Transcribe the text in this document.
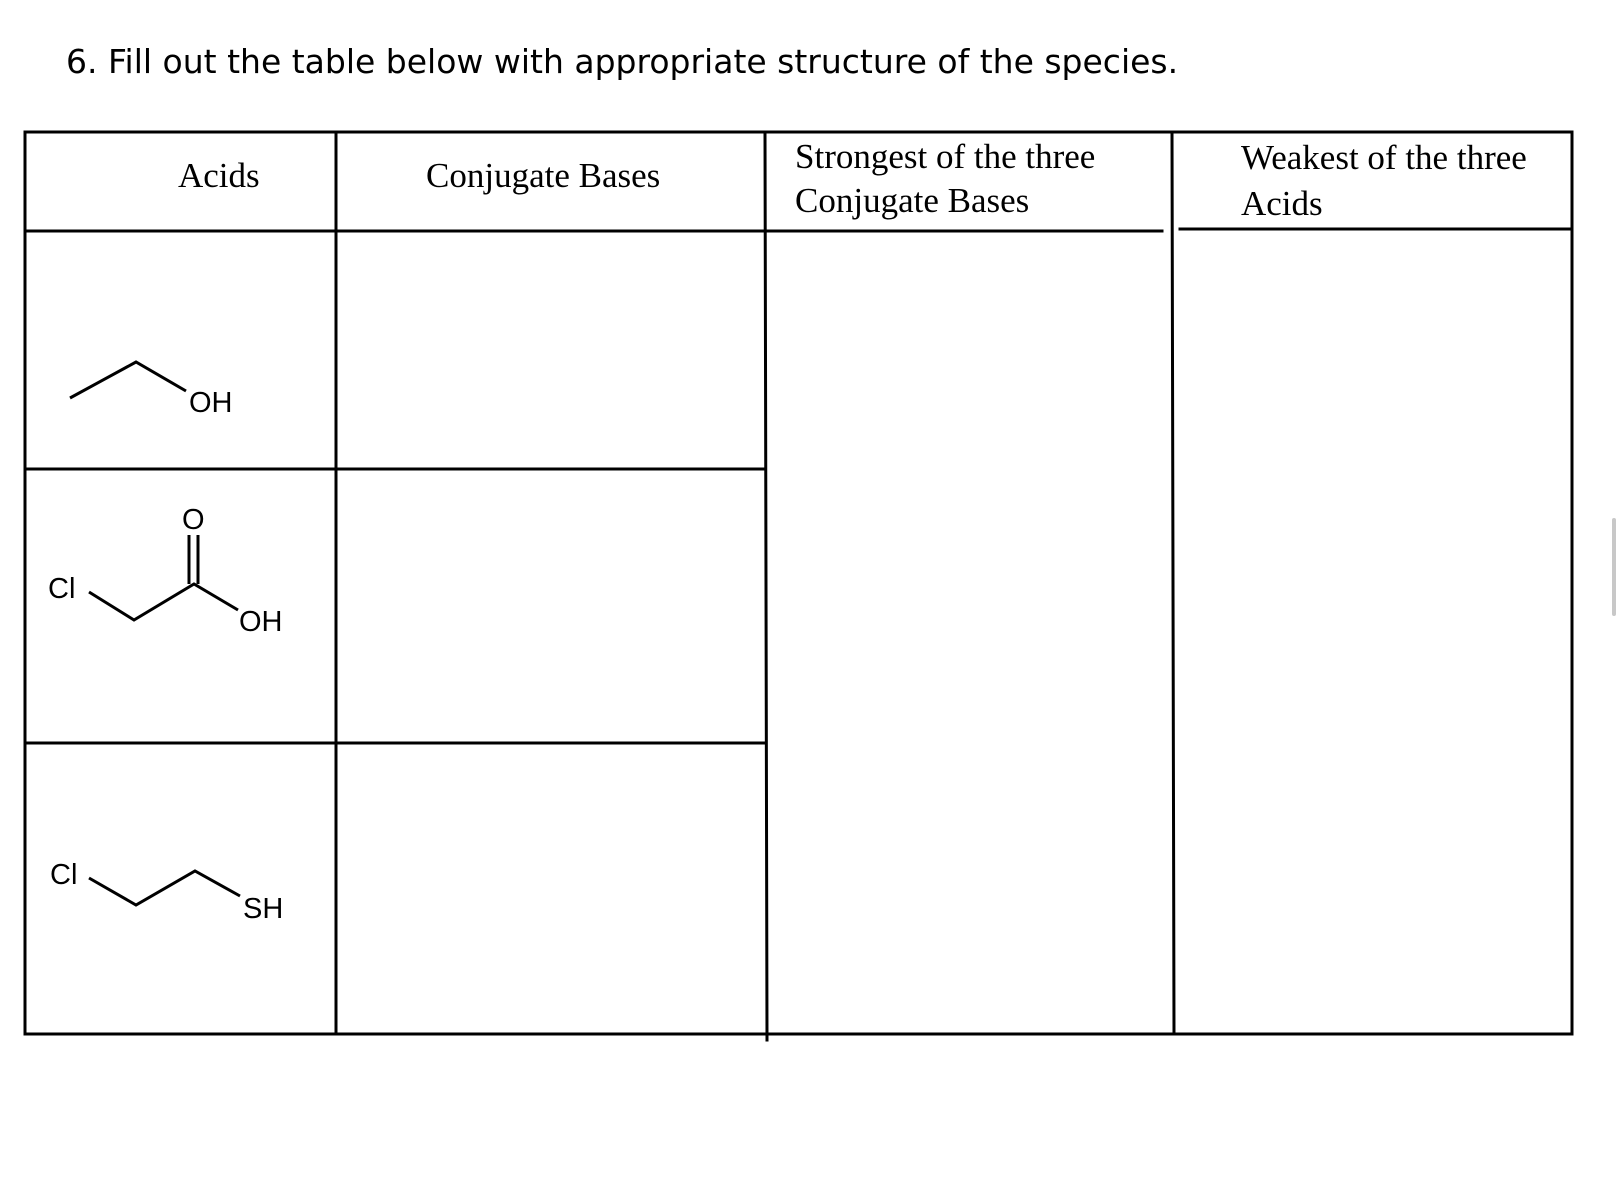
6. Fill out the table below with appropriate structure of the species.
Acids	Conjugate Bases	Strongest of the three
Conjugate Bases
Weakest of the three
Acids
OH
Cl
O
OH
Cl
SH
